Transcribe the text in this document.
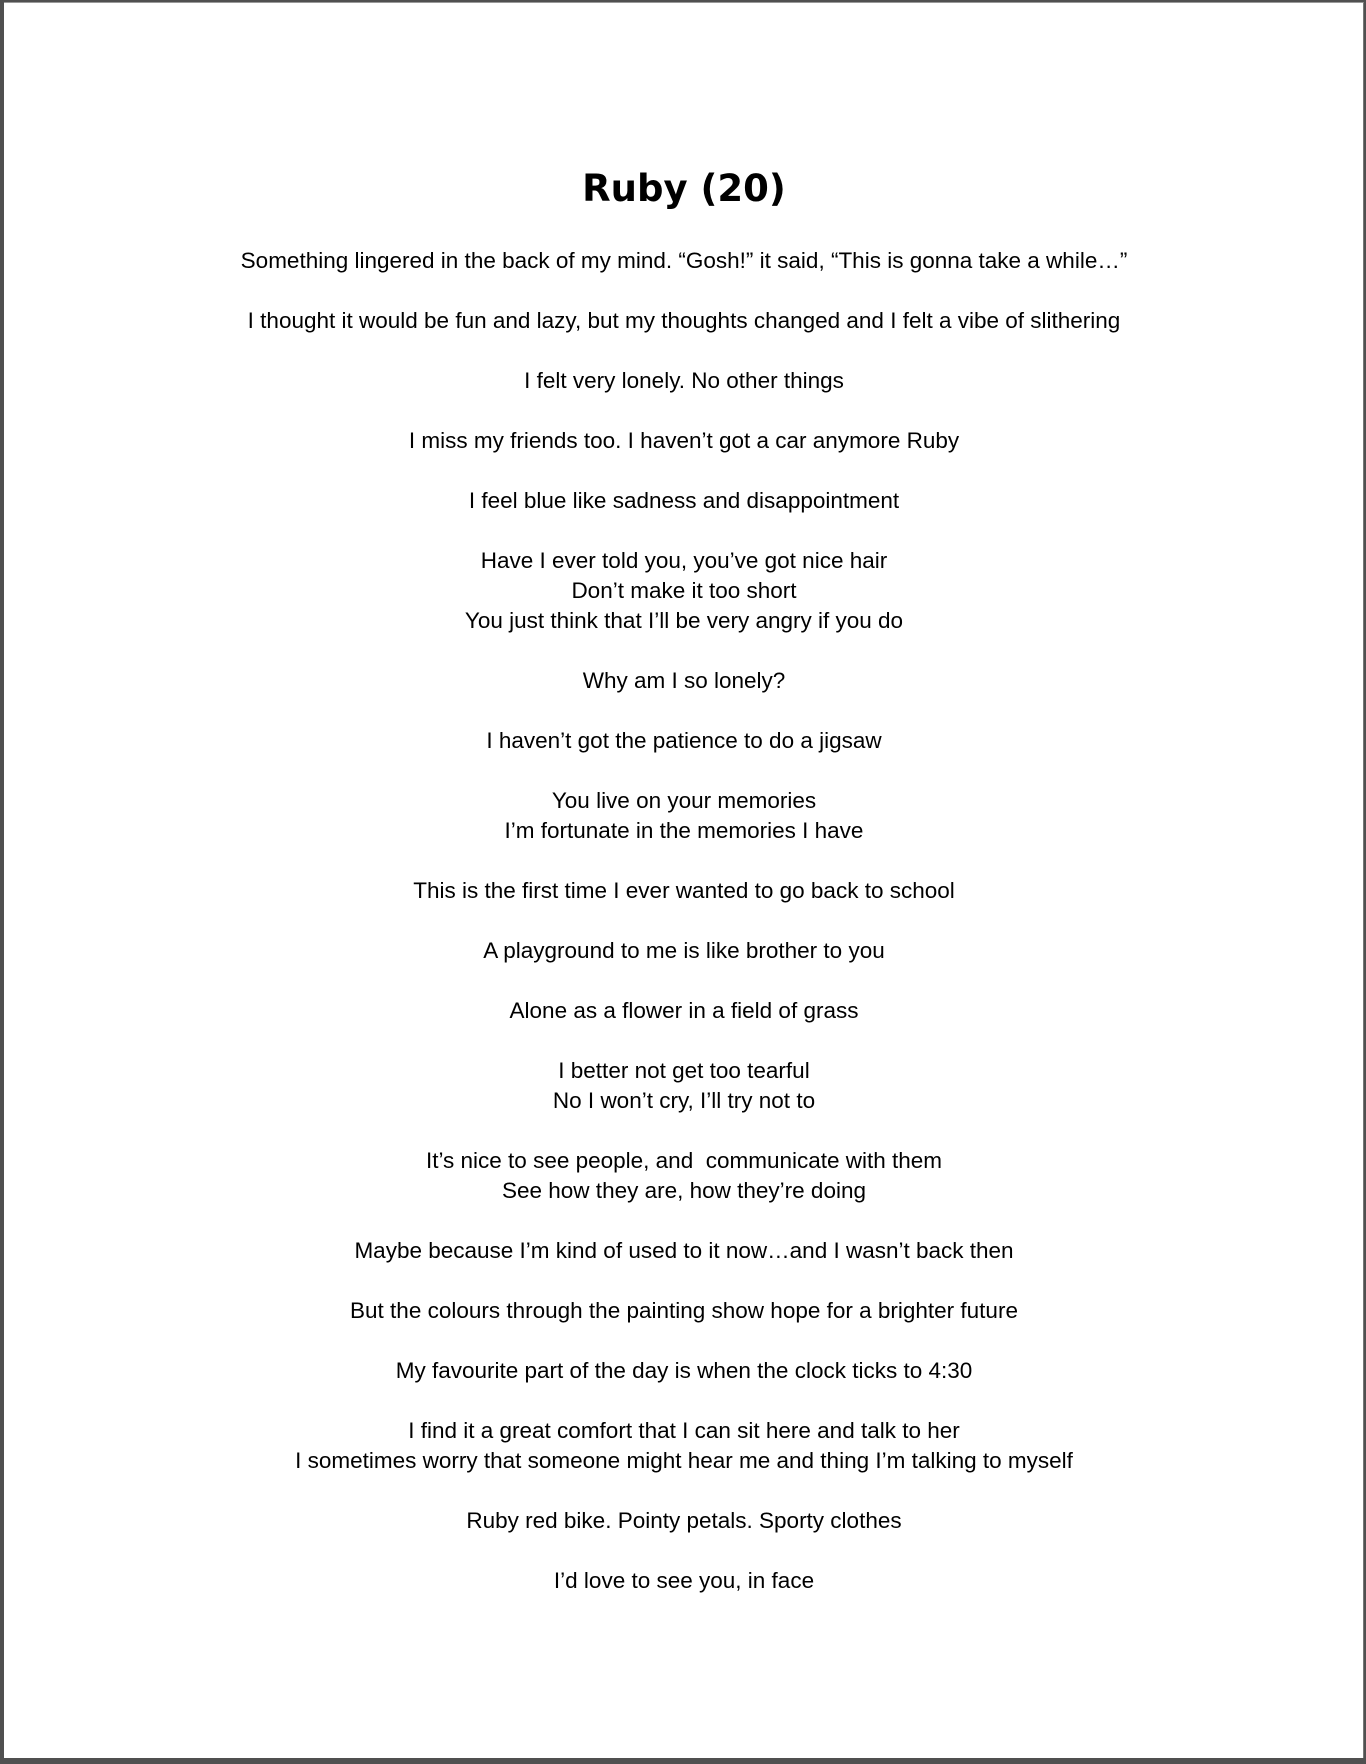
Ruby (20)
Something lingered in the back of my mind. “Gosh!” it said, “This is gonna take a while…”
I thought it would be fun and lazy, but my thoughts changed and I felt a vibe of slithering
I felt very lonely. No other things
I miss my friends too. I haven’t got a car anymore Ruby
I feel blue like sadness and disappointment
Have I ever told you, you’ve got nice hair
Don’t make it too short
You just think that I’ll be very angry if you do
Why am I so lonely?
I haven’t got the patience to do a jigsaw
You live on your memories
I’m fortunate in the memories I have
This is the first time I ever wanted to go back to school
A playground to me is like brother to you
Alone as a flower in a field of grass
I better not get too tearful
No I won’t cry, I’ll try not to
It’s nice to see people, and  communicate with them
See how they are, how they’re doing
Maybe because I’m kind of used to it now…and I wasn’t back then
But the colours through the painting show hope for a brighter future
My favourite part of the day is when the clock ticks to 4:30
I find it a great comfort that I can sit here and talk to her
I sometimes worry that someone might hear me and thing I’m talking to myself
Ruby red bike. Pointy petals. Sporty clothes
I’d love to see you, in face
